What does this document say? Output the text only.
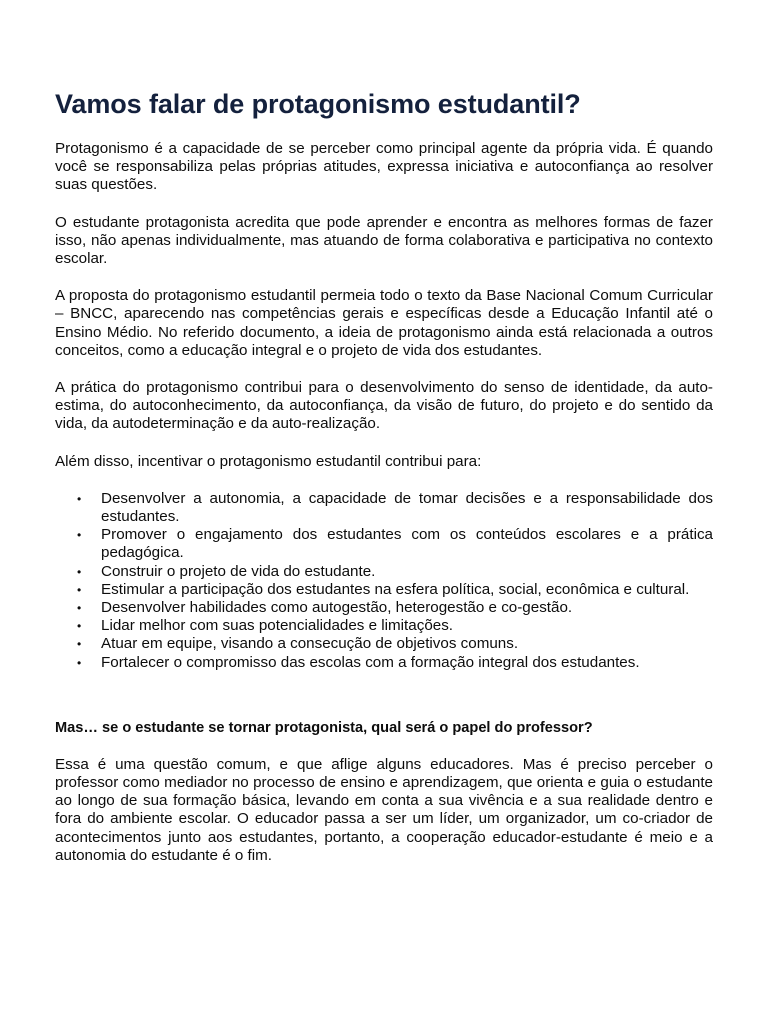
Vamos falar de protagonismo estudantil?

Protagonismo é a capacidade de se perceber como principal agente da própria vida. É quando você se responsabiliza pelas próprias atitudes, expressa iniciativa e autoconfiança ao resolver suas questões.

O estudante protagonista acredita que pode aprender e encontra as melhores formas de fazer isso, não apenas individualmente, mas atuando de forma colaborativa e participativa no contexto escolar.

A proposta do protagonismo estudantil permeia todo o texto da Base Nacional Comum Curricular – BNCC, aparecendo nas competências gerais e específicas desde a Educação Infantil até o Ensino Médio. No referido documento, a ideia de protagonismo ainda está relacionada a outros conceitos, como a educação integral e o projeto de vida dos estudantes.

A prática do protagonismo contribui para o desenvolvimento do senso de identidade, da auto-estima, do autoconhecimento, da autoconfiança, da visão de futuro, do projeto e do sentido da vida, da autodeterminação e da auto-realização.

Além disso, incentivar o protagonismo estudantil contribui para:

• Desenvolver a autonomia, a capacidade de tomar decisões e a responsabilidade dos estudantes.
• Promover o engajamento dos estudantes com os conteúdos escolares e a prática pedagógica.
• Construir o projeto de vida do estudante.
• Estimular a participação dos estudantes na esfera política, social, econômica e cultural.
• Desenvolver habilidades como autogestão, heterogestão e co-gestão.
• Lidar melhor com suas potencialidades e limitações.
• Atuar em equipe, visando a consecução de objetivos comuns.
• Fortalecer o compromisso das escolas com a formação integral dos estudantes.

Mas… se o estudante se tornar protagonista, qual será o papel do professor?

Essa é uma questão comum, e que aflige alguns educadores. Mas é preciso perceber o professor como mediador no processo de ensino e aprendizagem, que orienta e guia o estudante ao longo de sua formação básica, levando em conta a sua vivência e a sua realidade dentro e fora do ambiente escolar. O educador passa a ser um líder, um organizador, um co-criador de acontecimentos junto aos estudantes, portanto, a cooperação educador-estudante é meio e a autonomia do estudante é o fim.
